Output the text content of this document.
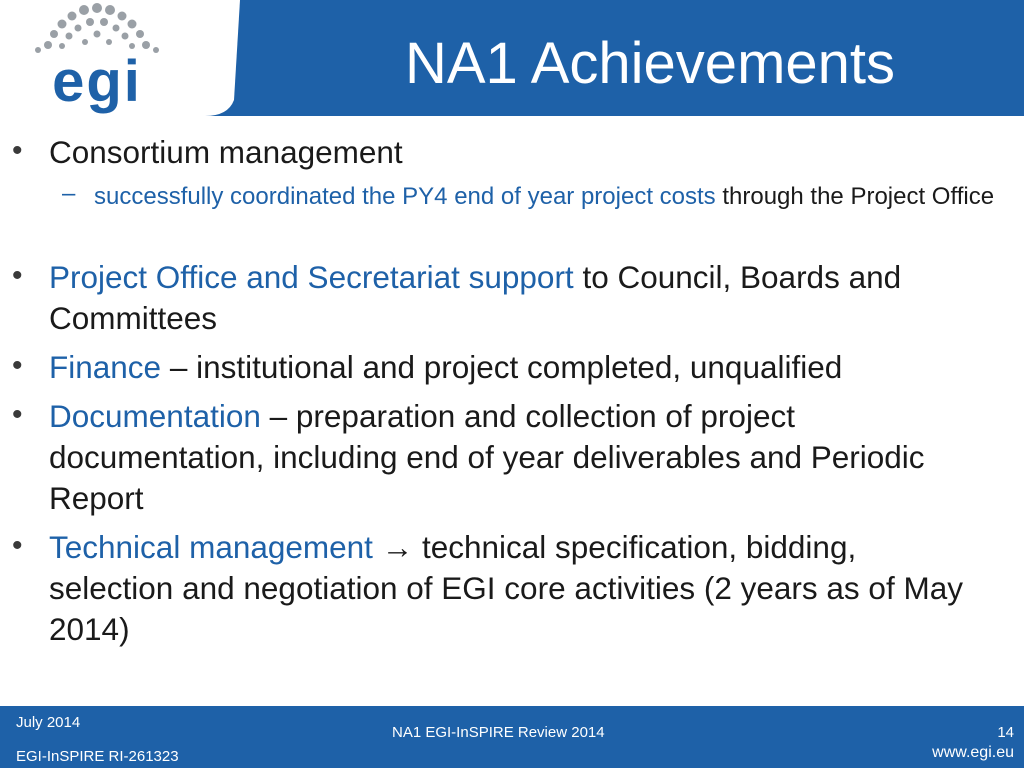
egi	NA1 Achievements
• Consortium management
– successfully coordinated the PY4 end of year project costs through the Project Office
• Project Office and Secretariat support to Council, Boards and Committees
• Finance – institutional and project completed, unqualified
• Documentation – preparation and collection of project documentation, including end of year deliverables and Periodic Report
• Technical management → technical specification, bidding, selection and negotiation of EGI core activities (2 years as of May 2014)
July 2014
EGI-InSPIRE RI-261323
NA1 EGI-InSPIRE Review 2014	14
www.egi.eu
